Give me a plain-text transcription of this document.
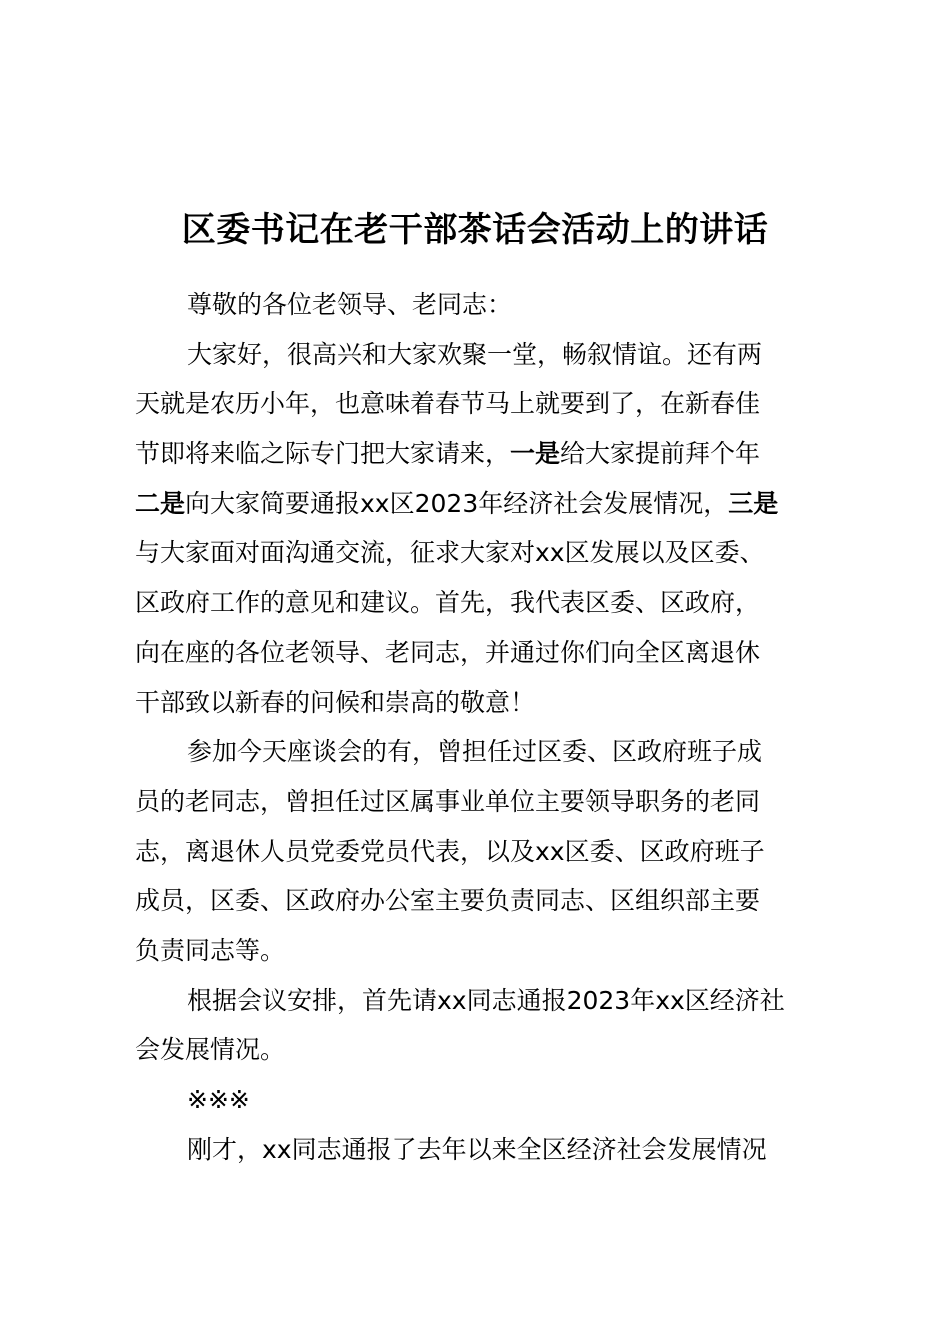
区委书记在老干部茶话会活动上的讲话
尊敬的各位老领导、老同志：
大家好，很高兴和大家欢聚一堂，畅叙情谊。还有两
天就是农历小年，也意味着春节马上就要到了，在新春佳
节即将来临之际专门把大家请来，一是给大家提前拜个年
二是向大家简要通报xx区2023年经济社会发展情况，三是
与大家面对面沟通交流，征求大家对xx区发展以及区委、
区政府工作的意见和建议。首先，我代表区委、区政府，
向在座的各位老领导、老同志，并通过你们向全区离退休
干部致以新春的问候和崇高的敬意！
参加今天座谈会的有，曾担任过区委、区政府班子成
员的老同志，曾担任过区属事业单位主要领导职务的老同
志，离退休人员党委党员代表，以及xx区委、区政府班子
成员，区委、区政府办公室主要负责同志、区组织部主要
负责同志等。
根据会议安排，首先请xx同志通报2023年xx区经济社
会发展情况。
※※※
刚才，xx同志通报了去年以来全区经济社会发展情况
